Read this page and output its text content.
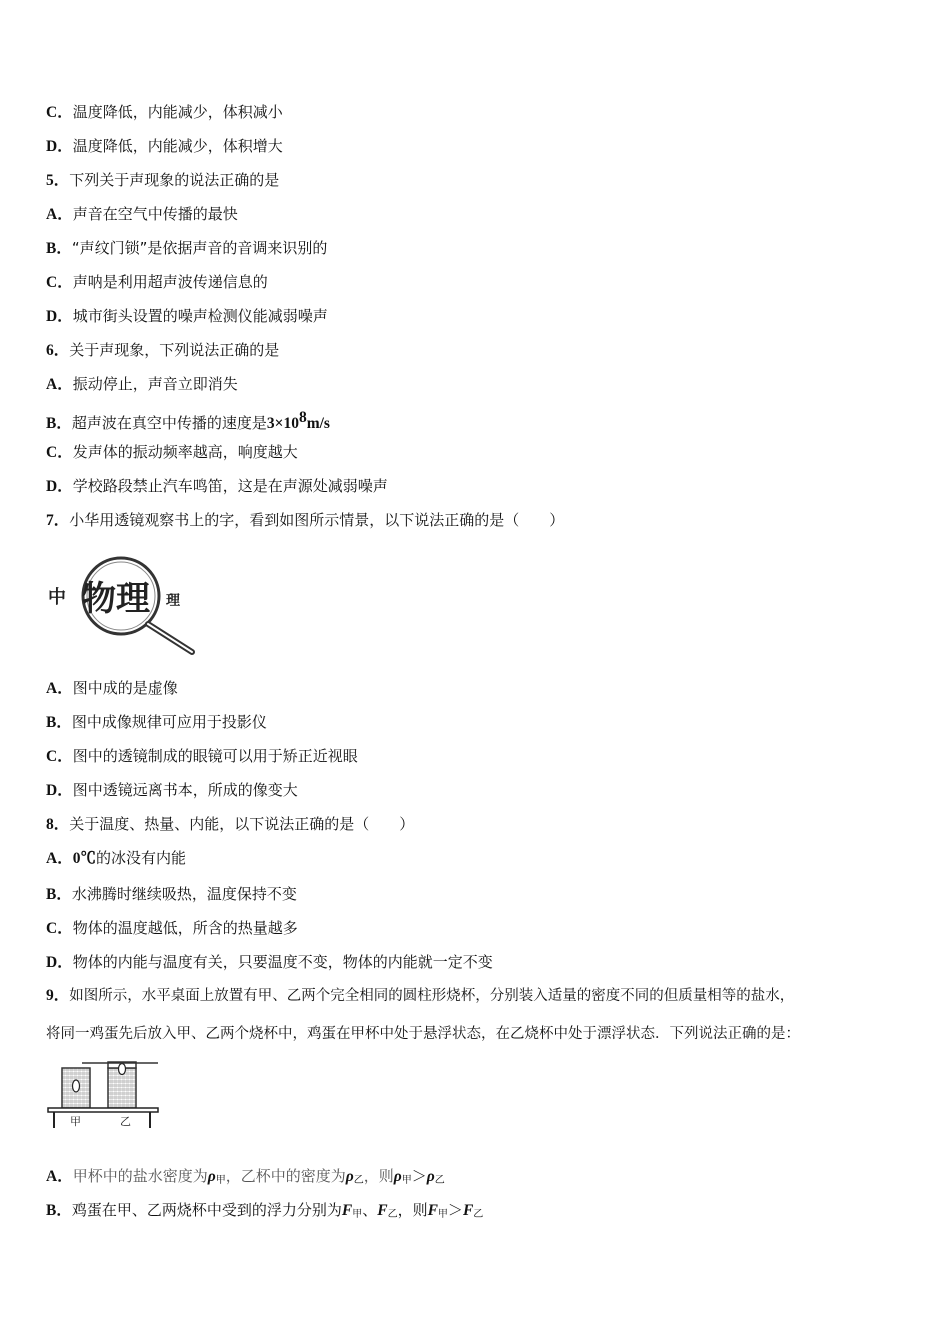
C．温度降低，内能减少，体积减小
D．温度降低，内能减少，体积增大
5．下列关于声现象的说法正确的是
A．声音在空气中传播的最快
B．“声纹门锁”是依据声音的音调来识别的
C．声呐是利用超声波传递信息的
D．城市街头设置的噪声检测仪能减弱噪声
6．关于声现象，下列说法正确的是
A．振动停止，声音立即消失
B．超声波在真空中传播的速度是$3\times 10^8m/s$
C．发声体的振动频率越高，响度越大
D．学校路段禁止汽车鸣笛，这是在声源处减弱噪声
7．小华用透镜观察书上的字，看到如图所示情景，以下说法正确的是（　　）
中 物理 理
A．图中成的是虚像
B．图中成像规律可应用于投影仪
C．图中的透镜制成的眼镜可以用于矫正近视眼
D．图中透镜远离书本，所成的像变大
8．关于温度、热量、内能，以下说法正确的是（　　）
A．0℃的冰没有内能
B．水沸腾时继续吸热，温度保持不变
C．物体的温度越低，所含的热量越多
D．物体的内能与温度有关，只要温度不变，物体的内能就一定不变
9．如图所示，水平桌面上放置有甲、乙两个完全相同的圆柱形烧杯，分别装入适量的密度不同的但质量相等的盐水，
将同一鸡蛋先后放入甲、乙两个烧杯中，鸡蛋在甲杯中处于悬浮状态，在乙烧杯中处于漂浮状态．下列说法正确的是：
甲	乙
A．甲杯中的盐水密度为$\rho_甲$，乙杯中的密度为$\rho_乙$，则$\rho_甲>\rho_乙$
B．鸡蛋在甲、乙两烧杯中受到的浮力分别为$F_甲$、$F_乙$，则$F_甲>F_乙$
